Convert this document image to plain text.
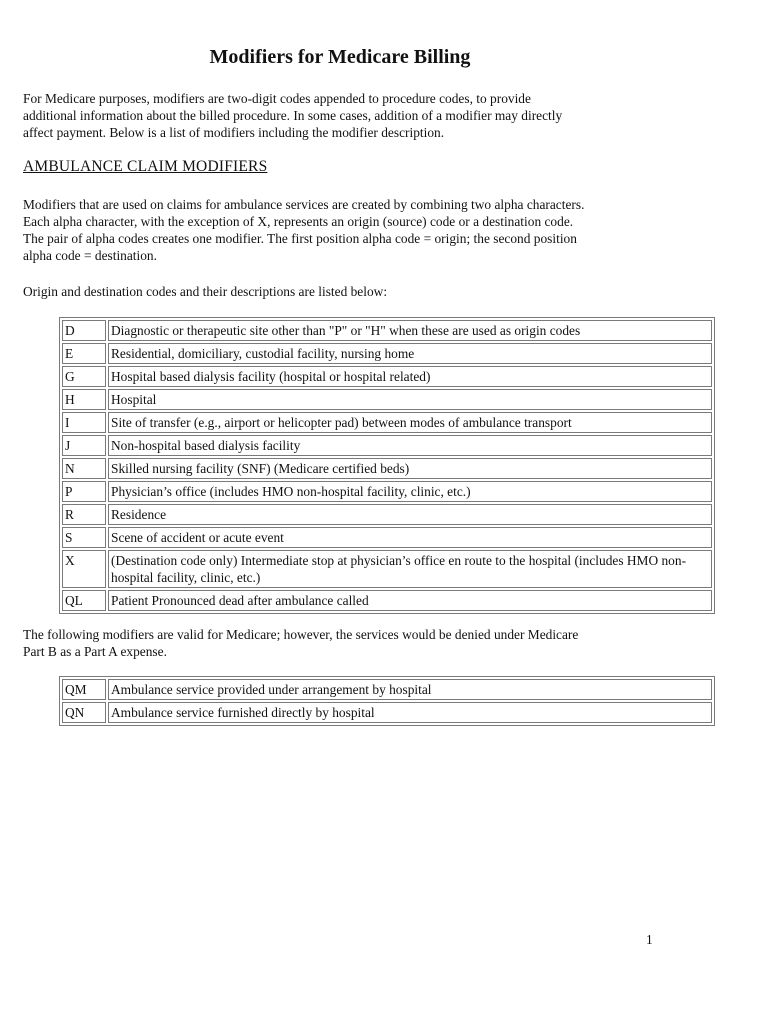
Modifiers for Medicare Billing

For Medicare purposes, modifiers are two-digit codes appended to procedure codes, to provide
additional information about the billed procedure. In some cases, addition of a modifier may directly
affect payment. Below is a list of modifiers including the modifier description.

AMBULANCE CLAIM MODIFIERS

Modifiers that are used on claims for ambulance services are created by combining two alpha characters.
Each alpha character, with the exception of X, represents an origin (source) code or a destination code.
The pair of alpha codes creates one modifier. The first position alpha code = origin; the second position
alpha code = destination.

Origin and destination codes and their descriptions are listed below:

D	Diagnostic or therapeutic site other than "P" or "H" when these are used as origin codes
E	Residential, domiciliary, custodial facility, nursing home
G	Hospital based dialysis facility (hospital or hospital related)
H	Hospital
I	Site of transfer (e.g., airport or helicopter pad) between modes of ambulance transport
J	Non-hospital based dialysis facility
N	Skilled nursing facility (SNF) (Medicare certified beds)
P	Physician’s office (includes HMO non-hospital facility, clinic, etc.)
R	Residence
S	Scene of accident or acute event
X	(Destination code only) Intermediate stop at physician’s office en route to the hospital (includes HMO non-hospital facility, clinic, etc.)
QL	Patient Pronounced dead after ambulance called

The following modifiers are valid for Medicare; however, the services would be denied under Medicare
Part B as a Part A expense.

QM	Ambulance service provided under arrangement by hospital
QN	Ambulance service furnished directly by hospital

1
